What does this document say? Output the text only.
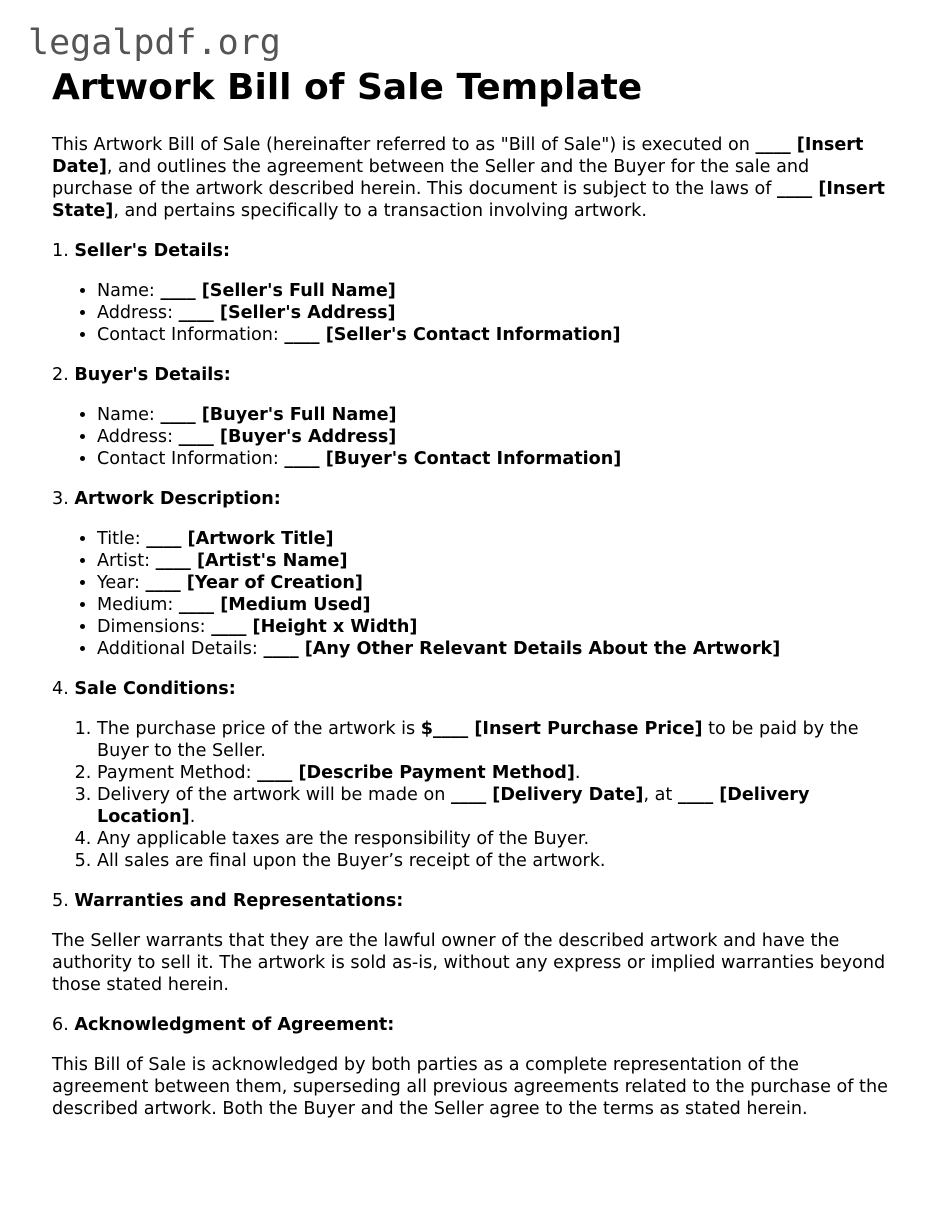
legalpdf.org
Artwork Bill of Sale Template

This Artwork Bill of Sale (hereinafter referred to as "Bill of Sale") is executed on ____ [Insert Date], and outlines the agreement between the Seller and the Buyer for the sale and purchase of the artwork described herein. This document is subject to the laws of ____ [Insert State], and pertains specifically to a transaction involving artwork.

1. Seller's Details:

• Name: ____ [Seller's Full Name]
• Address: ____ [Seller's Address]
• Contact Information: ____ [Seller's Contact Information]

2. Buyer's Details:

• Name: ____ [Buyer's Full Name]
• Address: ____ [Buyer's Address]
• Contact Information: ____ [Buyer's Contact Information]

3. Artwork Description:

• Title: ____ [Artwork Title]
• Artist: ____ [Artist's Name]
• Year: ____ [Year of Creation]
• Medium: ____ [Medium Used]
• Dimensions: ____ [Height x Width]
• Additional Details: ____ [Any Other Relevant Details About the Artwork]

4. Sale Conditions:

1. The purchase price of the artwork is $____ [Insert Purchase Price] to be paid by the Buyer to the Seller.
2. Payment Method: ____ [Describe Payment Method].
3. Delivery of the artwork will be made on ____ [Delivery Date], at ____ [Delivery Location].
4. Any applicable taxes are the responsibility of the Buyer.
5. All sales are final upon the Buyer’s receipt of the artwork.

5. Warranties and Representations:

The Seller warrants that they are the lawful owner of the described artwork and have the authority to sell it. The artwork is sold as-is, without any express or implied warranties beyond those stated herein.

6. Acknowledgment of Agreement:

This Bill of Sale is acknowledged by both parties as a complete representation of the agreement between them, superseding all previous agreements related to the purchase of the described artwork. Both the Buyer and the Seller agree to the terms as stated herein.
